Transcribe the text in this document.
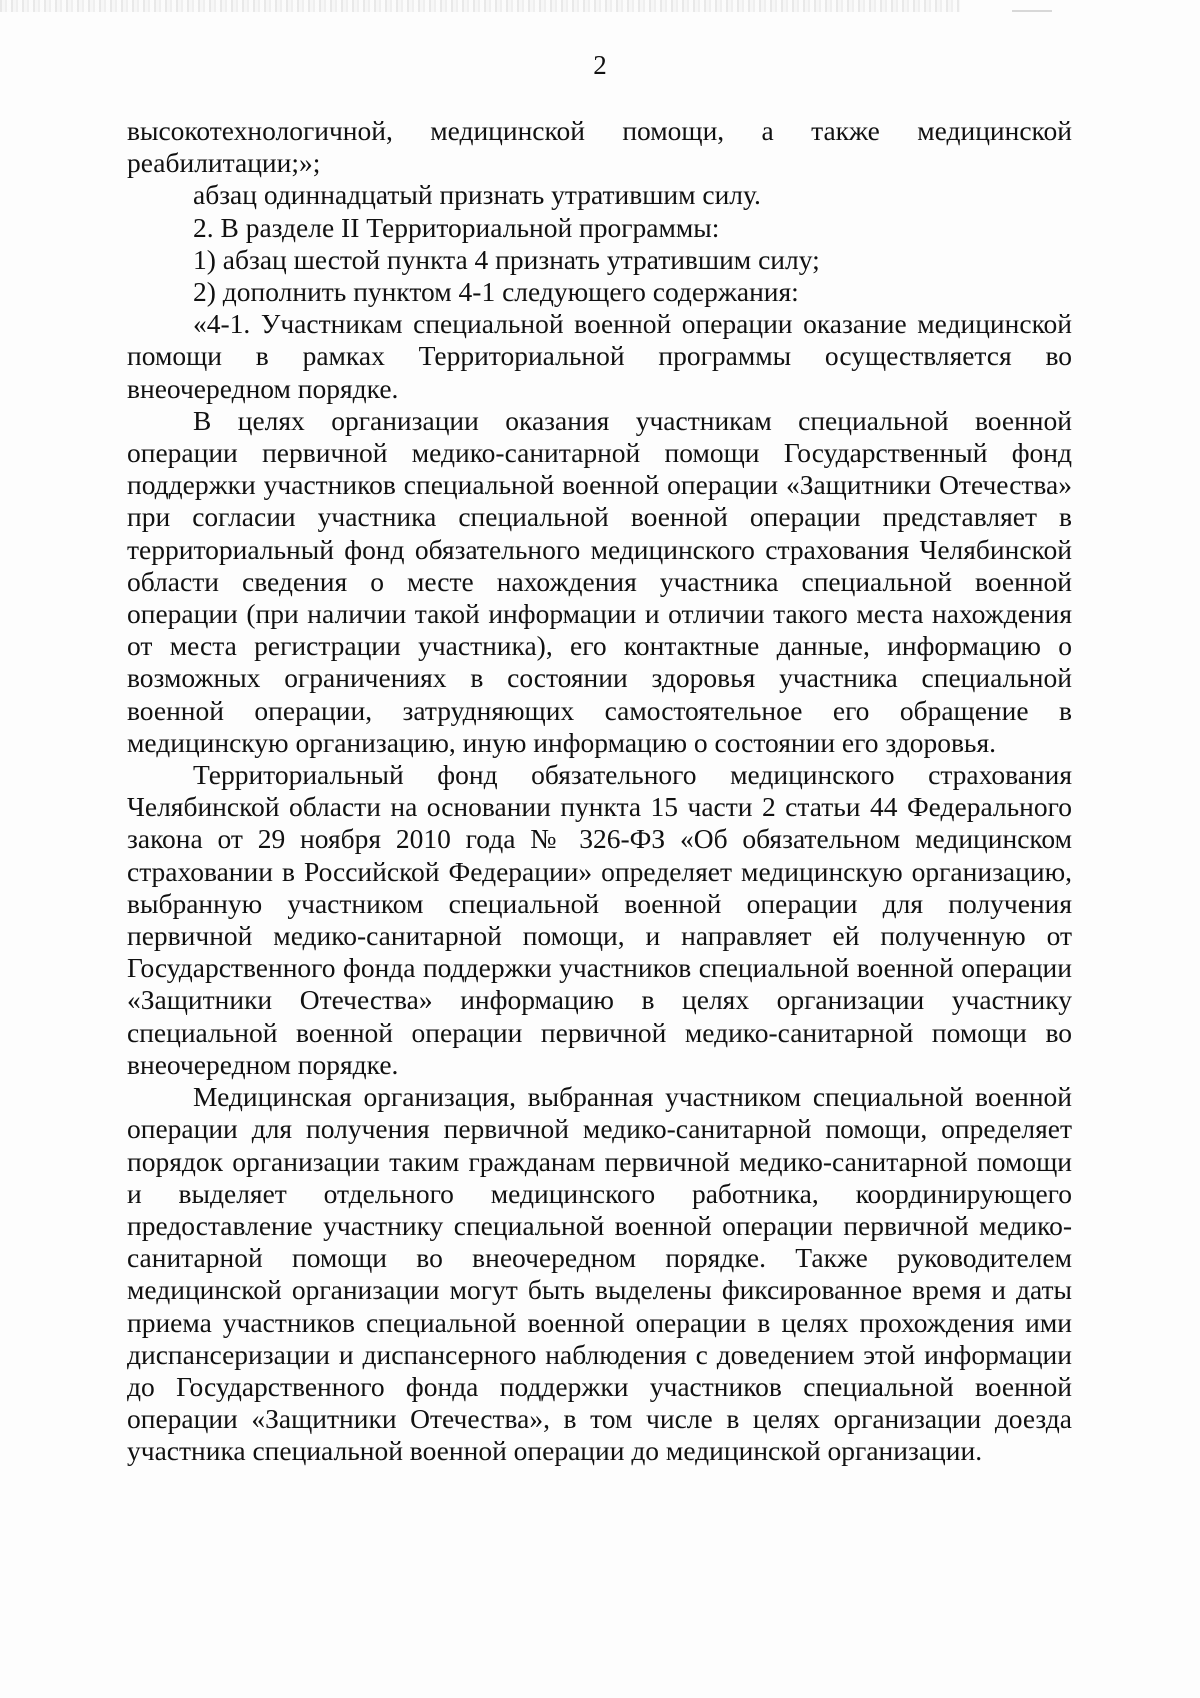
2

высокотехнологичной, медицинской помощи, а также медицинской реабилитации;»;

абзац одиннадцатый признать утратившим силу.

2. В разделе II Территориальной программы:

1) абзац шестой пункта 4 признать утратившим силу;

2) дополнить пунктом 4-1 следующего содержания:

«4-1. Участникам специальной военной операции оказание медицинской помощи в рамках Территориальной программы осуществляется во внеочередном порядке.

В целях организации оказания участникам специальной военной операции первичной медико-санитарной помощи Государственный фонд поддержки участников специальной военной операции «Защитники Отечества» при согласии участника специальной военной операции представляет в территориальный фонд обязательного медицинского страхования Челябинской области сведения о месте нахождения участника специальной военной операции (при наличии такой информации и отличии такого места нахождения от места регистрации участника), его контактные данные, информацию о возможных ограничениях в состоянии здоровья участника специальной военной операции, затрудняющих самостоятельное его обращение в медицинскую организацию, иную информацию о состоянии его здоровья.

Территориальный фонд обязательного медицинского страхования Челябинской области на основании пункта 15 части 2 статьи 44 Федерального закона от 29 ноября 2010 года № 326-ФЗ «Об обязательном медицинском страховании в Российской Федерации» определяет медицинскую организацию, выбранную участником специальной военной операции для получения первичной медико-санитарной помощи, и направляет ей полученную от Государственного фонда поддержки участников специальной военной операции «Защитники Отечества» информацию в целях организации участнику специальной военной операции первичной медико-санитарной помощи во внеочередном порядке.

Медицинская организация, выбранная участником специальной военной операции для получения первичной медико-санитарной помощи, определяет порядок организации таким гражданам первичной медико-санитарной помощи и выделяет отдельного медицинского работника, координирующего предоставление участнику специальной военной операции первичной медико-санитарной помощи во внеочередном порядке. Также руководителем медицинской организации могут быть выделены фиксированное время и даты приема участников специальной военной операции в целях прохождения ими диспансеризации и диспансерного наблюдения с доведением этой информации до Государственного фонда поддержки участников специальной военной операции «Защитники Отечества», в том числе в целях организации доезда участника специальной военной операции до медицинской организации.
